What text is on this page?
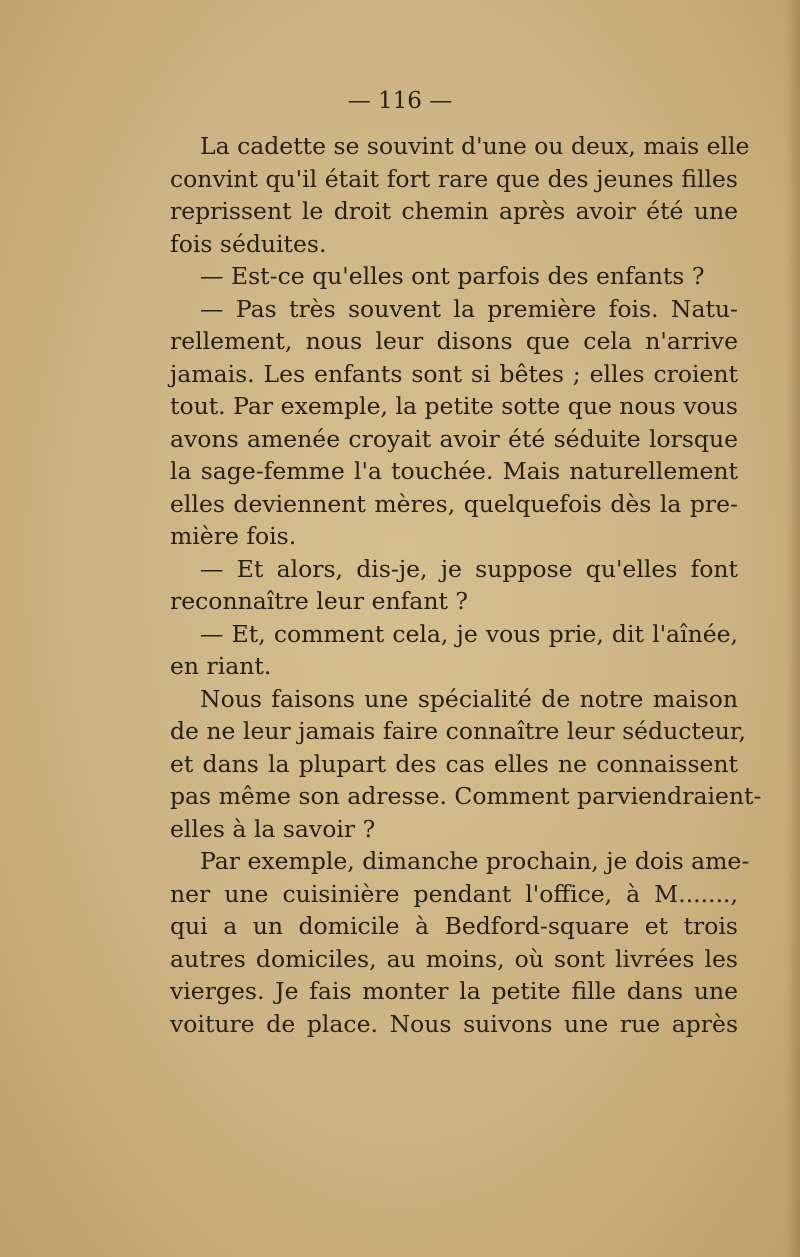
— 116 —

La cadette se souvint d'une ou deux, mais elle
convint qu'il était fort rare que des jeunes filles
reprissent le droit chemin après avoir été une
fois séduites.

— Est-ce qu'elles ont parfois des enfants ?

— Pas très souvent la première fois. Natu-
rellement, nous leur disons que cela n'arrive
jamais. Les enfants sont si bêtes ; elles croient
tout. Par exemple, la petite sotte que nous vous
avons amenée croyait avoir été séduite lorsque
la sage-femme l'a touchée. Mais naturellement
elles deviennent mères, quelquefois dès la pre-
mière fois.

— Et alors, dis-je, je suppose qu'elles font
reconnaître leur enfant ?

— Et, comment cela, je vous prie, dit l'aînée,
en riant.

Nous faisons une spécialité de notre maison
de ne leur jamais faire connaître leur séducteur,
et dans la plupart des cas elles ne connaissent
pas même son adresse. Comment parviendraient-
elles à la savoir ?

Par exemple, dimanche prochain, je dois ame-
ner une cuisinière pendant l'office, à M.......,
qui a un domicile à Bedford-square et trois
autres domiciles, au moins, où sont livrées les
vierges. Je fais monter la petite fille dans une
voiture de place. Nous suivons une rue après
